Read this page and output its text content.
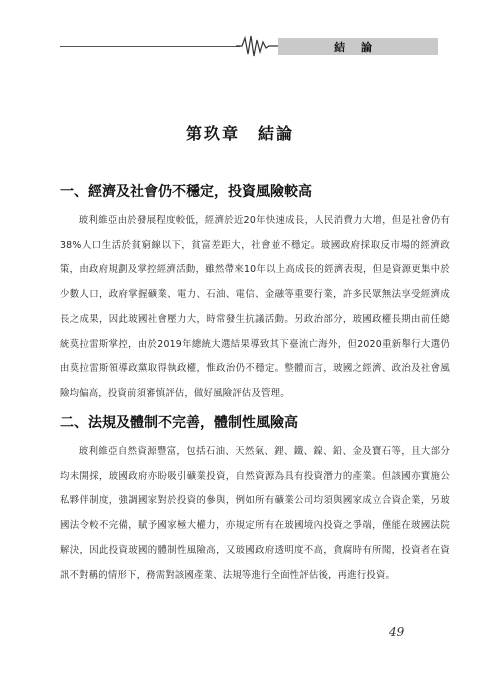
結 論
第玖章　結論
一、經濟及社會仍不穩定，投資風險較高

玻利維亞由於發展程度較低，經濟於近20年快速成長，人民消費力大增，但是社會仍有38%人口生活於貧窮線以下，貧富差距大，社會並不穩定。玻國政府採取反市場的經濟政策，由政府規劃及掌控經濟活動，雖然帶來10年以上高成長的經濟表現，但是資源更集中於少數人口，政府掌握礦業、電力、石油、電信、金融等重要行業，許多民眾無法享受經濟成長之成果，因此玻國社會壓力大，時常發生抗議活動。另政治部分，玻國政權長期由前任總統莫拉雷斯掌控，由於2019年總統大選結果導致其下臺流亡海外，但2020重新舉行大選仍由莫拉雷斯領導政黨取得執政權，惟政治仍不穩定。整體而言，玻國之經濟、政治及社會風險均偏高，投資前須審慎評估，做好風險評估及管理。

二、法規及體制不完善，體制性風險高

玻利維亞自然資源豐富，包括石油、天然氣、鋰、鐵、鎳、鉛、金及寶石等，且大部分均未開採，玻國政府亦盼吸引礦業投資，自然資源為具有投資潛力的產業。但該國亦實施公私夥伴制度，強調國家對於投資的參與，例如所有礦業公司均須與國家成立合資企業，另玻國法令較不完備，賦予國家極大權力，亦規定所有在玻國境內投資之爭端，僅能在玻國法院解決，因此投資玻國的體制性風險高，又玻國政府透明度不高，貪腐時有所聞，投資者在資訊不對稱的情形下，務需對該國產業、法規等進行全面性評估後，再進行投資。

49
